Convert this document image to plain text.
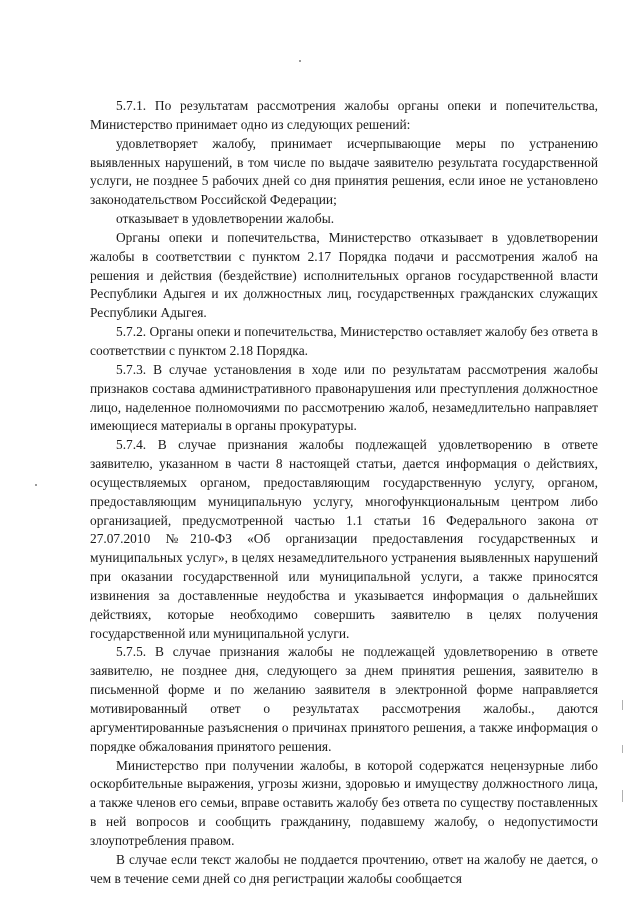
5.7.1. По результатам рассмотрения жалобы органы опеки и попечительства, Министерство принимает одно из следующих решений:

удовлетворяет жалобу, принимает исчерпывающие меры по устранению выявленных нарушений, в том числе по выдаче заявителю результата государственной услуги, не позднее 5 рабочих дней со дня принятия решения, если иное не установлено законодательством Российской Федерации;

отказывает в удовлетворении жалобы.

Органы опеки и попечительства, Министерство отказывает в удовлетворении жалобы в соответствии с пунктом 2.17 Порядка подачи и рассмотрения жалоб на решения и действия (бездействие) исполнительных органов государственной власти Республики Адыгея и их должностных лиц, государственных гражданских служащих Республики Адыгея.

5.7.2. Органы опеки и попечительства, Министерство оставляет жалобу без ответа в соответствии с пунктом 2.18 Порядка.

5.7.3. В случае установления в ходе или по результатам рассмотрения жалобы признаков состава административного правонарушения или преступления должностное лицо, наделенное полномочиями по рассмотрению жалоб, незамедлительно направляет имеющиеся материалы в органы прокуратуры.

5.7.4. В случае признания жалобы подлежащей удовлетворению в ответе заявителю, указанном в части 8 настоящей статьи, дается информация о действиях, осуществляемых органом, предоставляющим государственную услугу, органом, предоставляющим муниципальную услугу, многофункциональным центром либо организацией, предусмотренной частью 1.1 статьи 16 Федерального закона от 27.07.2010 №210-ФЗ «Об организации предоставления государственных и муниципальных услуг», в целях незамедлительного устранения выявленных нарушений при оказании государственной или муниципальной услуги, а также приносятся извинения за доставленные неудобства и указывается информация о дальнейших действиях, которые необходимо совершить заявителю в целях получения государственной или муниципальной услуги.

5.7.5. В случае признания жалобы не подлежащей удовлетворению в ответе заявителю, не позднее дня, следующего за днем принятия решения, заявителю в письменной форме и по желанию заявителя в электронной форме направляется мотивированный ответ о результатах рассмотрения жалобы., даются аргументированные разъяснения о причинах принятого решения, а также информация о порядке обжалования принятого решения.

Министерство при получении жалобы, в которой содержатся нецензурные либо оскорбительные выражения, угрозы жизни, здоровью и имуществу должностного лица, а также членов его семьи, вправе оставить жалобу без ответа по существу поставленных в ней вопросов и сообщить гражданину, подавшему жалобу, о недопустимости злоупотребления правом.

В случае если текст жалобы не поддается прочтению, ответ на жалобу не дается, о чем в течение семи дней со дня регистрации жалобы сообщается
